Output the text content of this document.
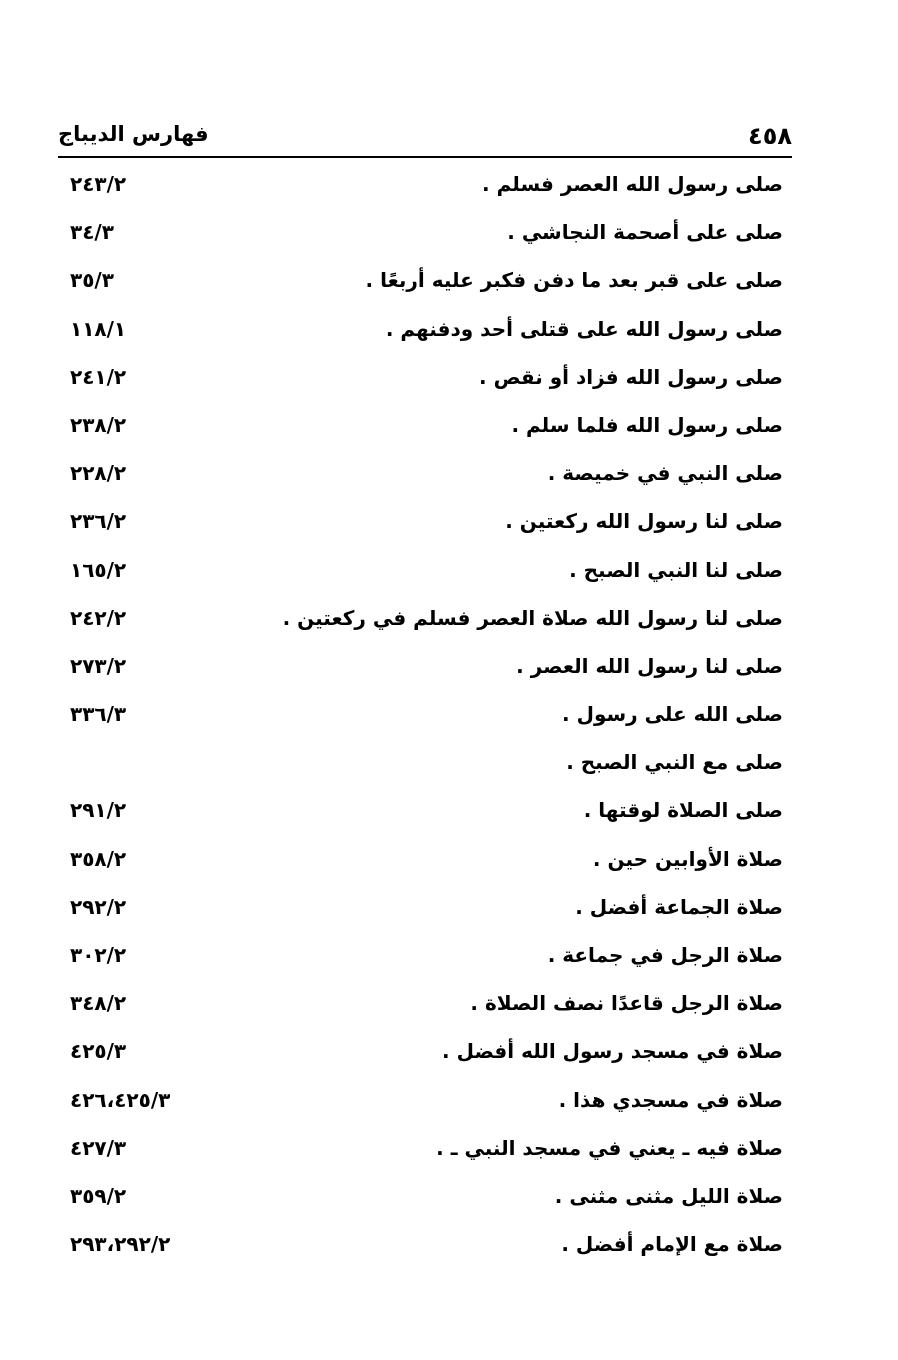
٤٥٨
فهارس الديباج
صلى رسول الله العصر فسلم .
٢٤٣/٢
صلى على أصحمة النجاشي .
٣٤/٣
صلى على قبر بعد ما دفن فكبر عليه أربعًا .
٣٥/٣
صلى رسول الله على قتلى أحد ودفنهم .
١١٨/١
صلى رسول الله فزاد أو نقص .
٢٤١/٢
صلى رسول الله فلما سلم .
٢٣٨/٢
صلى النبي في خميصة .
٢٢٨/٢
صلى لنا رسول الله ركعتين .
٢٣٦/٢
صلى لنا النبي الصبح .
١٦٥/٢
صلى لنا رسول الله صلاة العصر فسلم في ركعتين .
٢٤٢/٢
صلى لنا رسول الله العصر .
٢٧٣/٢
صلى الله على رسول .
٣٣٦/٣
صلى مع النبي الصبح .
صلى الصلاة لوقتها .
٢٩١/٢
صلاة الأوابين حين .
٣٥٨/٢
صلاة الجماعة أفضل .
٢٩٢/٢
صلاة الرجل في جماعة .
٣٠٢/٢
صلاة الرجل قاعدًا نصف الصلاة .
٣٤٨/٢
صلاة في مسجد رسول الله أفضل .
٤٢٥/٣
صلاة في مسجدي هذا .
٤٢٦،٤٢٥/٣
صلاة فيه ـ يعني في مسجد النبي ـ .
٤٢٧/٣
صلاة الليل مثنى مثنى .
٣٥٩/٢
صلاة مع الإمام أفضل .
٢٩٣،٢٩٢/٢
